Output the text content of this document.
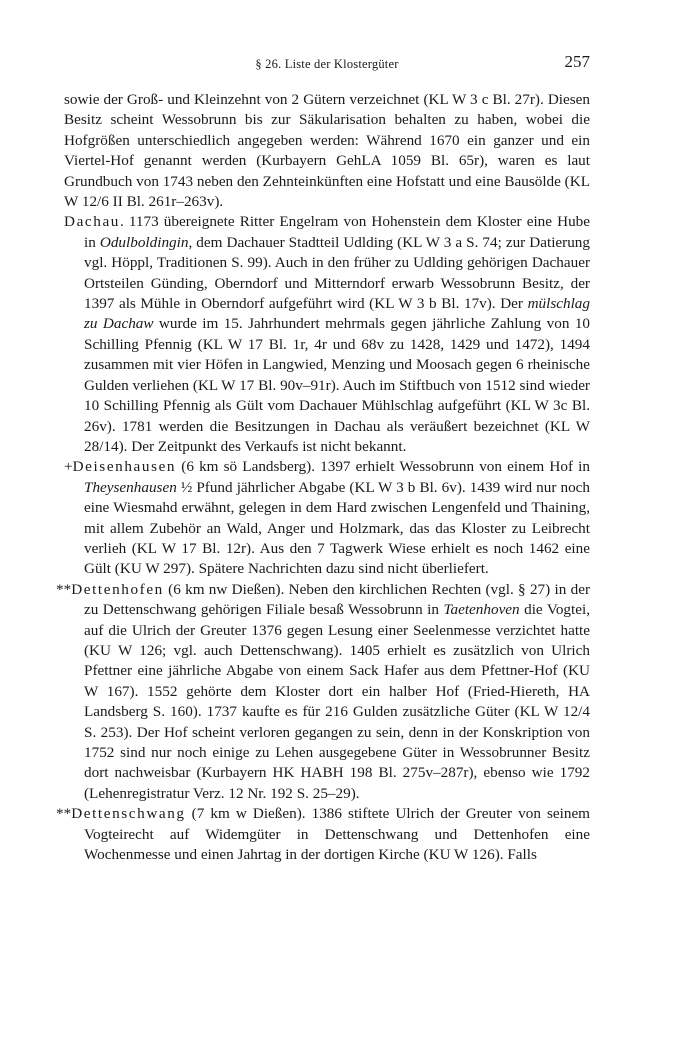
§ 26. Liste der Klostergüter	257

sowie der Groß- und Kleinzehnt von 2 Gütern verzeichnet (KL W 3 c Bl. 27r). Diesen Besitz scheint Wessobrunn bis zur Säkularisation behalten zu haben, wobei die Hofgrößen unterschiedlich angegeben werden: Während 1670 ein ganzer und ein Viertel-Hof genannt werden (Kurbayern GehLA 1059 Bl. 65r), waren es laut Grundbuch von 1743 neben den Zehnteinkünften eine Hofstatt und eine Bausölde (KL W 12/6 II Bl. 261r–263v).

Dachau. 1173 übereignete Ritter Engelram von Hohenstein dem Kloster eine Hube in Odulboldingin, dem Dachauer Stadtteil Udlding (KL W 3 a S. 74; zur Datierung vgl. Höppl, Traditionen S. 99). Auch in den früher zu Udlding gehörigen Dachauer Ortsteilen Günding, Oberndorf und Mitterndorf erwarb Wessobrunn Besitz, der 1397 als Mühle in Oberndorf aufgeführt wird (KL W 3 b Bl. 17v). Der mülschlag zu Dachaw wurde im 15. Jahrhundert mehrmals gegen jährliche Zahlung von 10 Schilling Pfennig (KL W 17 Bl. 1r, 4r und 68v zu 1428, 1429 und 1472), 1494 zusammen mit vier Höfen in Langwied, Menzing und Moosach gegen 6 rheinische Gulden verliehen (KL W 17 Bl. 90v–91r). Auch im Stiftbuch von 1512 sind wieder 10 Schilling Pfennig als Gült vom Dachauer Mühlschlag aufgeführt (KL W 3c Bl. 26v). 1781 werden die Besitzungen in Dachau als veräußert bezeichnet (KL W 28/14). Der Zeitpunkt des Verkaufs ist nicht bekannt.

+Deisenhausen (6 km sö Landsberg). 1397 erhielt Wessobrunn von einem Hof in Theysenhausen ½ Pfund jährlicher Abgabe (KL W 3 b Bl. 6v). 1439 wird nur noch eine Wiesmahd erwähnt, gelegen in dem Hard zwischen Lengenfeld und Thaining, mit allem Zubehör an Wald, Anger und Holzmark, das das Kloster zu Leibrecht verlieh (KL W 17 Bl. 12r). Aus den 7 Tagwerk Wiese erhielt es noch 1462 eine Gült (KU W 297). Spätere Nachrichten dazu sind nicht überliefert.

**Dettenhofen (6 km nw Dießen). Neben den kirchlichen Rechten (vgl. § 27) in der zu Dettenschwang gehörigen Filiale besaß Wessobrunn in Taetenhoven die Vogtei, auf die Ulrich der Greuter 1376 gegen Lesung einer Seelenmesse verzichtet hatte (KU W 126; vgl. auch Dettenschwang). 1405 erhielt es zusätzlich von Ulrich Pfettner eine jährliche Abgabe von einem Sack Hafer aus dem Pfettner-Hof (KU W 167). 1552 gehörte dem Kloster dort ein halber Hof (Fried-Hiereth, HA Landsberg S. 160). 1737 kaufte es für 216 Gulden zusätzliche Güter (KL W 12/4 S. 253). Der Hof scheint verloren gegangen zu sein, denn in der Konskription von 1752 sind nur noch einige zu Lehen ausgegebene Güter in Wessobrunner Besitz dort nachweisbar (Kurbayern HK HABH 198 Bl. 275v–287r), ebenso wie 1792 (Lehenregistratur Verz. 12 Nr. 192 S. 25–29).

**Dettenschwang (7 km w Dießen). 1386 stiftete Ulrich der Greuter von seinem Vogteirecht auf Widemgüter in Dettenschwang und Dettenhofen eine Wochenmesse und einen Jahrtag in der dortigen Kirche (KU W 126). Falls
